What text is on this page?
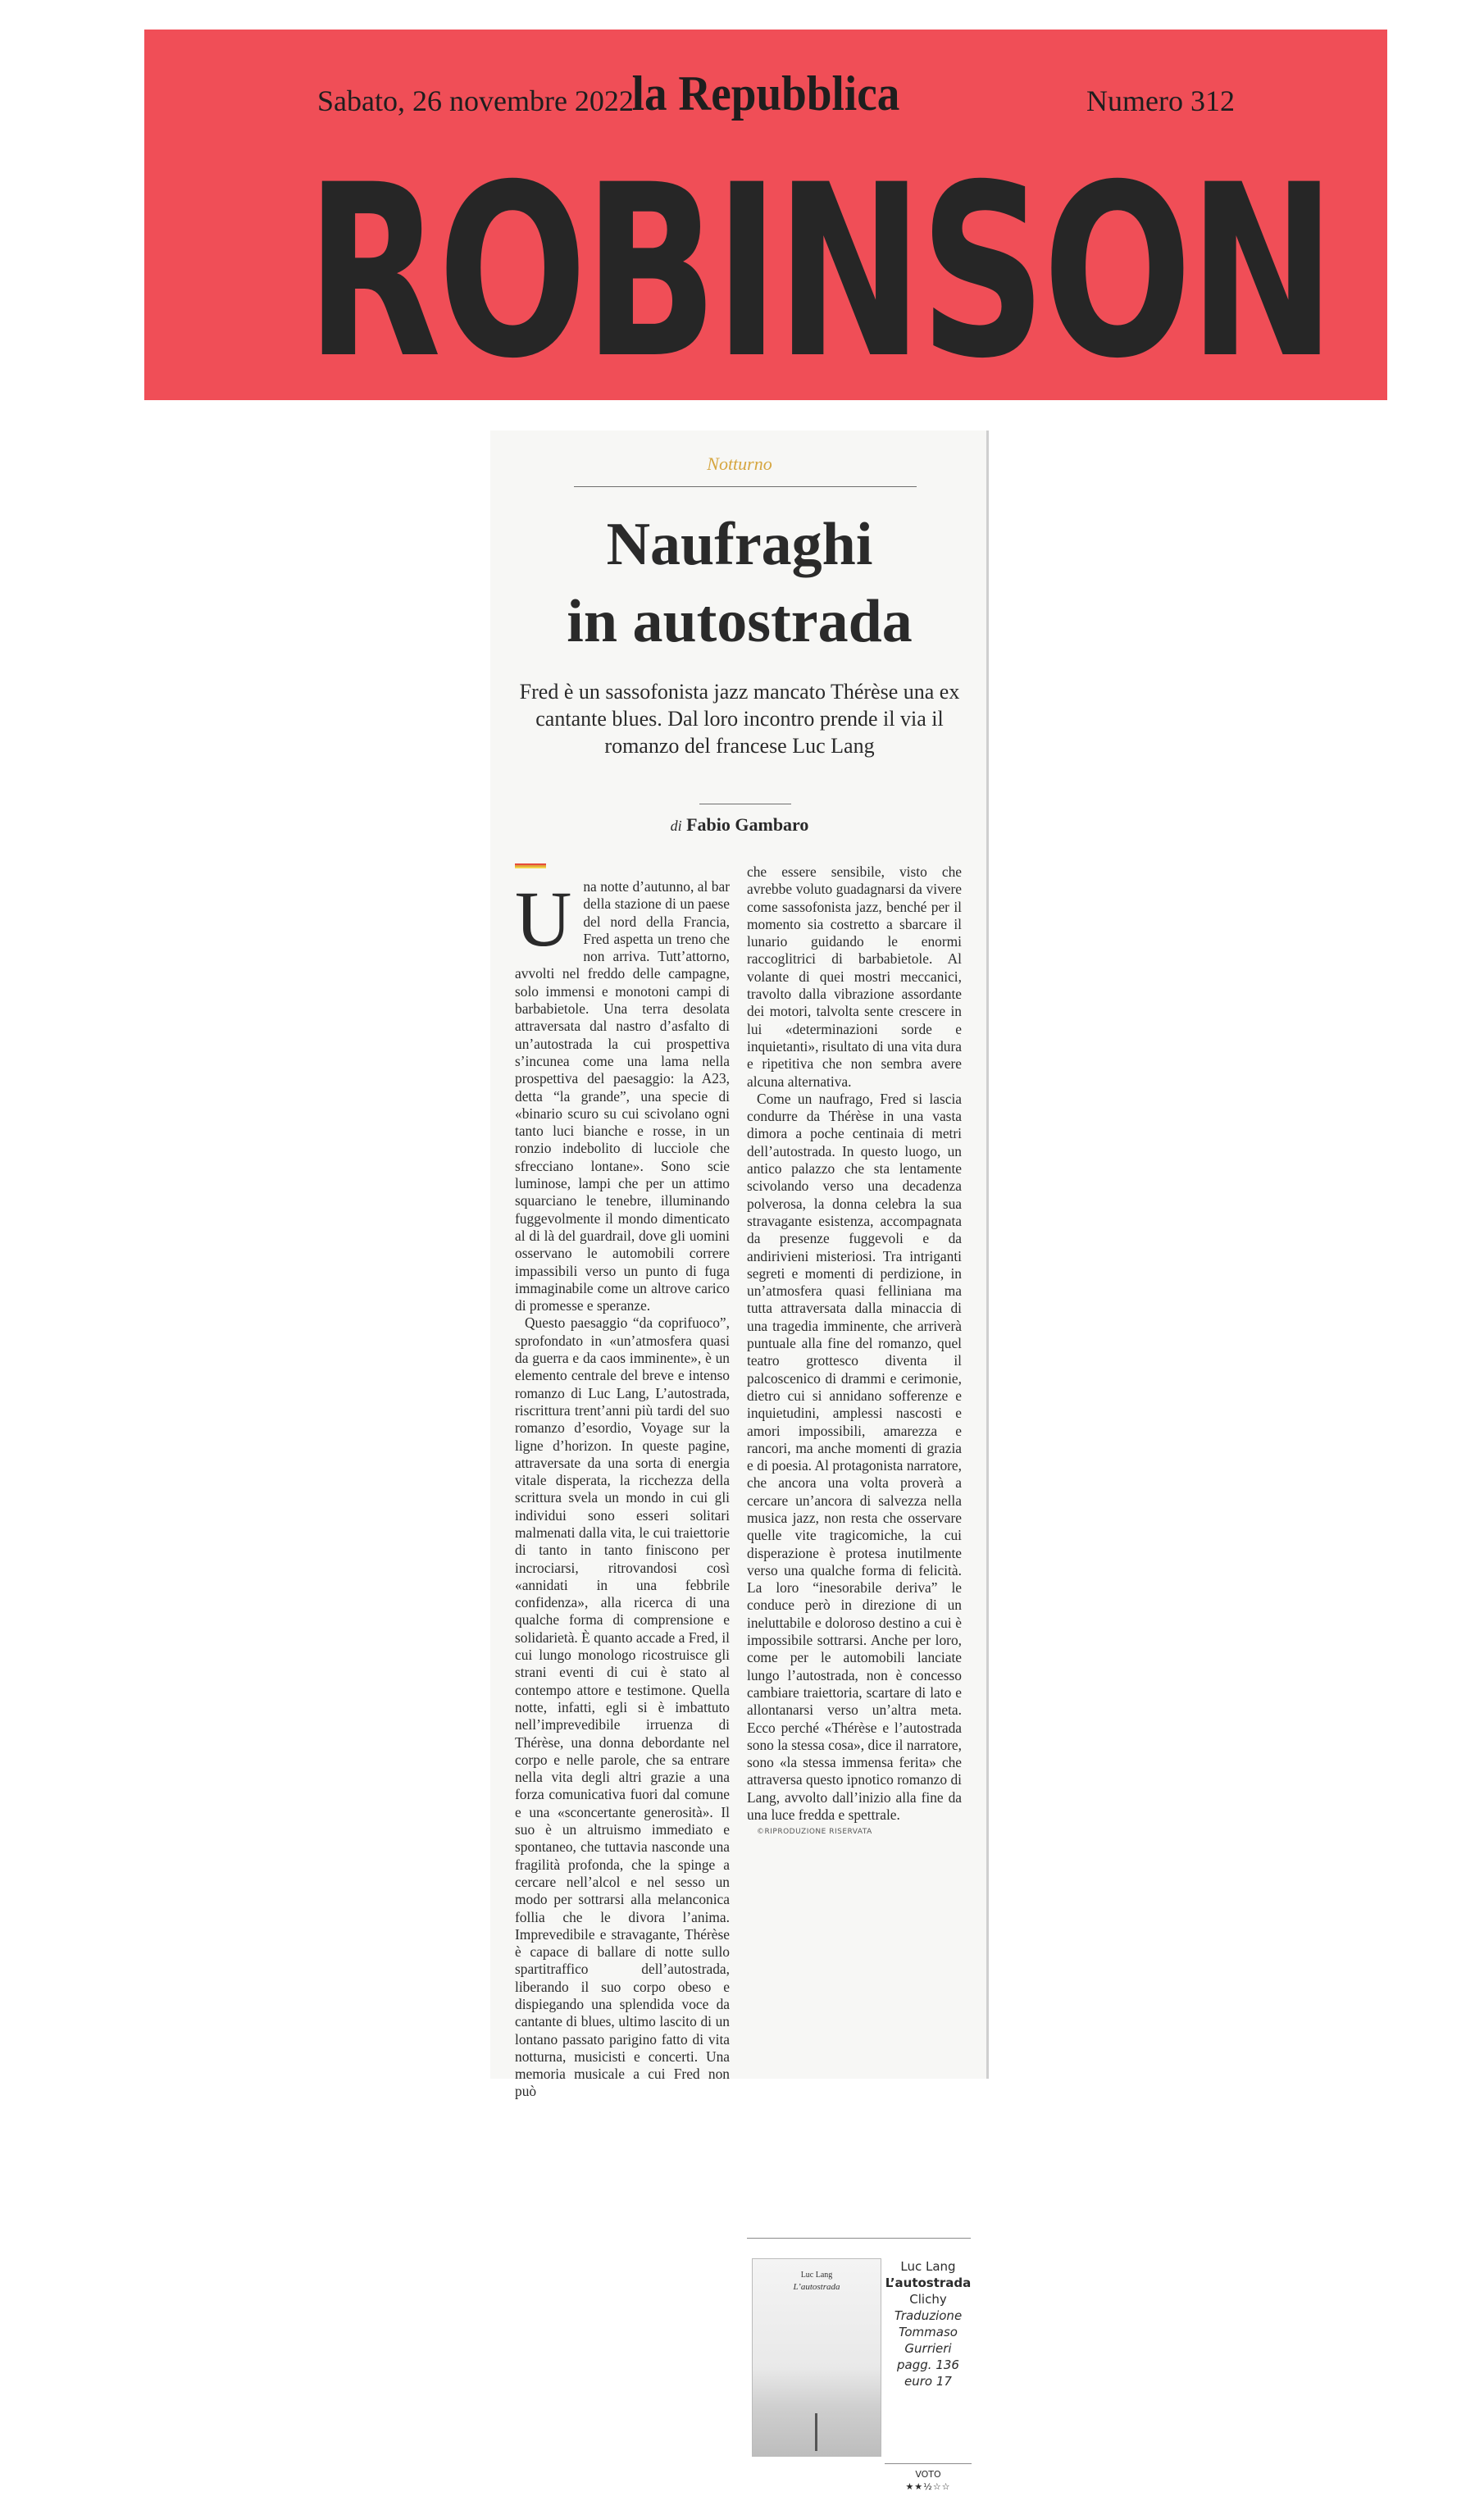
Sabato, 26 novembre 2022
la Repubblica	Numero 312
ROBINSON
Notturno
Naufraghi
in autostrada
Fred è un sassofonista jazz mancato Thérèse una ex cantante blues. Dal loro incontro prende il via il romanzo del francese Luc Lang
di Fabio Gambaro

Una notte d’autunno, al bar della stazione di un paese del nord della Francia, Fred aspetta un treno che non arriva. Tutt’attorno, avvolti nel freddo delle campagne, solo immensi e monotoni campi di barbabietole. Una terra desolata attraversata dal nastro d’asfalto di un’autostrada la cui prospettiva s’incunea come una lama nella prospettiva del paesaggio: la A23, detta “la grande”, una specie di «binario scuro su cui scivolano ogni tanto luci bianche e rosse, in un ronzio indebolito di lucciole che sfrecciano lontane». Sono scie luminose, lampi che per un attimo squarciano le tenebre, illuminando fuggevolmente il mondo dimenticato al di là del guardrail, dove gli uomini osservano le automobili correre impassibili verso un punto di fuga immaginabile come un altrove carico di promesse e speranze.

Questo paesaggio “da coprifuoco”, sprofondato in «un’atmosfera quasi da guerra e da caos imminente», è un elemento centrale del breve e intenso romanzo di Luc Lang, L’autostrada, riscrittura trent’anni più tardi del suo romanzo d’esordio, Voyage sur la ligne d’horizon. In queste pagine, attraversate da una sorta di energia vitale disperata, la ricchezza della scrittura svela un mondo in cui gli individui sono esseri solitari malmenati dalla vita, le cui traiettorie di tanto in tanto finiscono per incrociarsi, ritrovandosi così «annidati in una febbrile confidenza», alla ricerca di una qualche forma di comprensione e solidarietà. È quanto accade a Fred, il cui lungo monologo ricostruisce gli strani eventi di cui è stato al contempo attore e testimone. Quella notte, infatti, egli si è imbattuto nell’imprevedibile irruenza di Thérèse, una donna debordante nel corpo e nelle parole, che sa entrare nella vita degli altri grazie a una forza comunicativa fuori dal comune e una «sconcertante generosità». Il suo è un altruismo immediato e spontaneo, che tuttavia nasconde una fragilità profonda, che la spinge a cercare nell’alcol e nel sesso un modo per sottrarsi alla melanconica follia che le divora l’anima. Imprevedibile e stravagante, Thérèse è capace di ballare di notte sullo spartitraffico dell’autostrada, liberando il suo corpo obeso e dispiegando una splendida voce da cantante di blues, ultimo lascito di un lontano passato parigino fatto di vita notturna, musicisti e concerti. Una memoria musicale a cui Fred non può

che essere sensibile, visto che avrebbe voluto guadagnarsi da vivere come sassofonista jazz, benché per il momento sia costretto a sbarcare il lunario guidando le enormi raccoglitrici di barbabietole. Al volante di quei mostri meccanici, travolto dalla vibrazione assordante dei motori, talvolta sente crescere in lui «determinazioni sorde e inquietanti», risultato di una vita dura e ripetitiva che non sembra avere alcuna alternativa.

Come un naufrago, Fred si lascia condurre da Thérèse in una vasta dimora a poche centinaia di metri dell’autostrada. In questo luogo, un antico palazzo che sta lentamente scivolando verso una decadenza polverosa, la donna celebra la sua stravagante esistenza, accompagnata da presenze fuggevoli e da andirivieni misteriosi. Tra intriganti segreti e momenti di perdizione, in un’atmosfera quasi felliniana ma tutta attraversata dalla minaccia di una tragedia imminente, che arriverà puntuale alla fine del romanzo, quel teatro grottesco diventa il palcoscenico di drammi e cerimonie, dietro cui si annidano sofferenze e inquietudini, amplessi nascosti e amori impossibili, amarezza e rancori, ma anche momenti di grazia e di poesia. Al protagonista narratore, che ancora una volta proverà a cercare un’ancora di salvezza nella musica jazz, non resta che osservare quelle vite tragicomiche, la cui disperazione è protesa inutilmente verso una qualche forma di felicità. La loro “inesorabile deriva” le conduce però in direzione di un ineluttabile e doloroso destino a cui è impossibile sottrarsi. Anche per loro, come per le automobili lanciate lungo l’autostrada, non è concesso cambiare traiettoria, scartare di lato e allontanarsi verso un’altra meta. Ecco perché «Thérèse e l’autostrada sono la stessa cosa», dice il narratore, sono «la stessa immensa ferita» che attraversa questo ipnotico romanzo di Lang, avvolto dall’inizio alla fine da una luce fredda e spettrale.

©RIPRODUZIONE RISERVATA

Luc Lang
L’autostrada
Luc Lang
L’autostrada
Clichy
Traduzione
Tommaso
Gurrieri
pagg. 136
euro 17
VOTO
★★½☆☆
